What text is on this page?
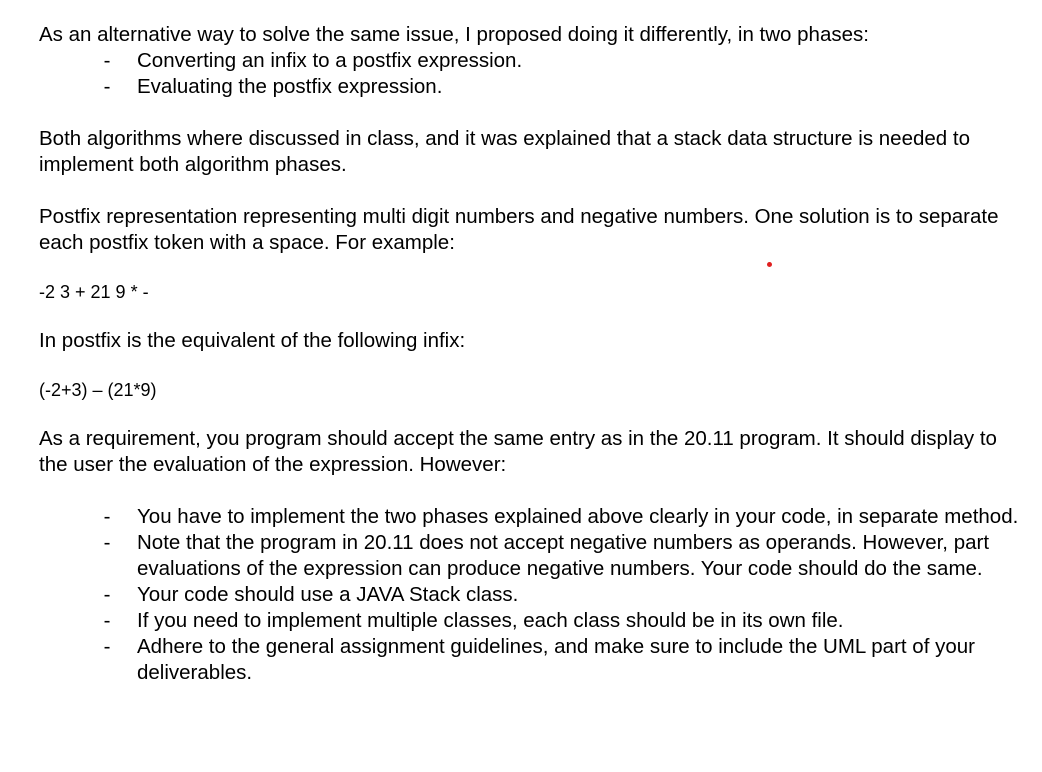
As an alternative way to solve the same issue, I proposed doing it differently, in two phases:

- Converting an infix to a postfix expression.
- Evaluating the postfix expression.

Both algorithms where discussed in class, and it was explained that a stack data structure is needed to implement both algorithm phases.

Postfix representation representing multi digit numbers and negative numbers. One solution is to separate each postfix token with a space. For example:

-2 3 + 21 9 * -

In postfix is the equivalent of the following infix:

(-2+3) – (21*9)

As a requirement, you program should accept the same entry as in the 20.11 program. It should display to the user the evaluation of the expression. However:

- You have to implement the two phases explained above clearly in your code, in separate method.
- Note that the program in 20.11 does not accept negative numbers as operands. However, part evaluations of the expression can produce negative numbers. Your code should do the same.
- Your code should use a JAVA Stack class.
- If you need to implement multiple classes, each class should be in its own file.
- Adhere to the general assignment guidelines, and make sure to include the UML part of your deliverables.
